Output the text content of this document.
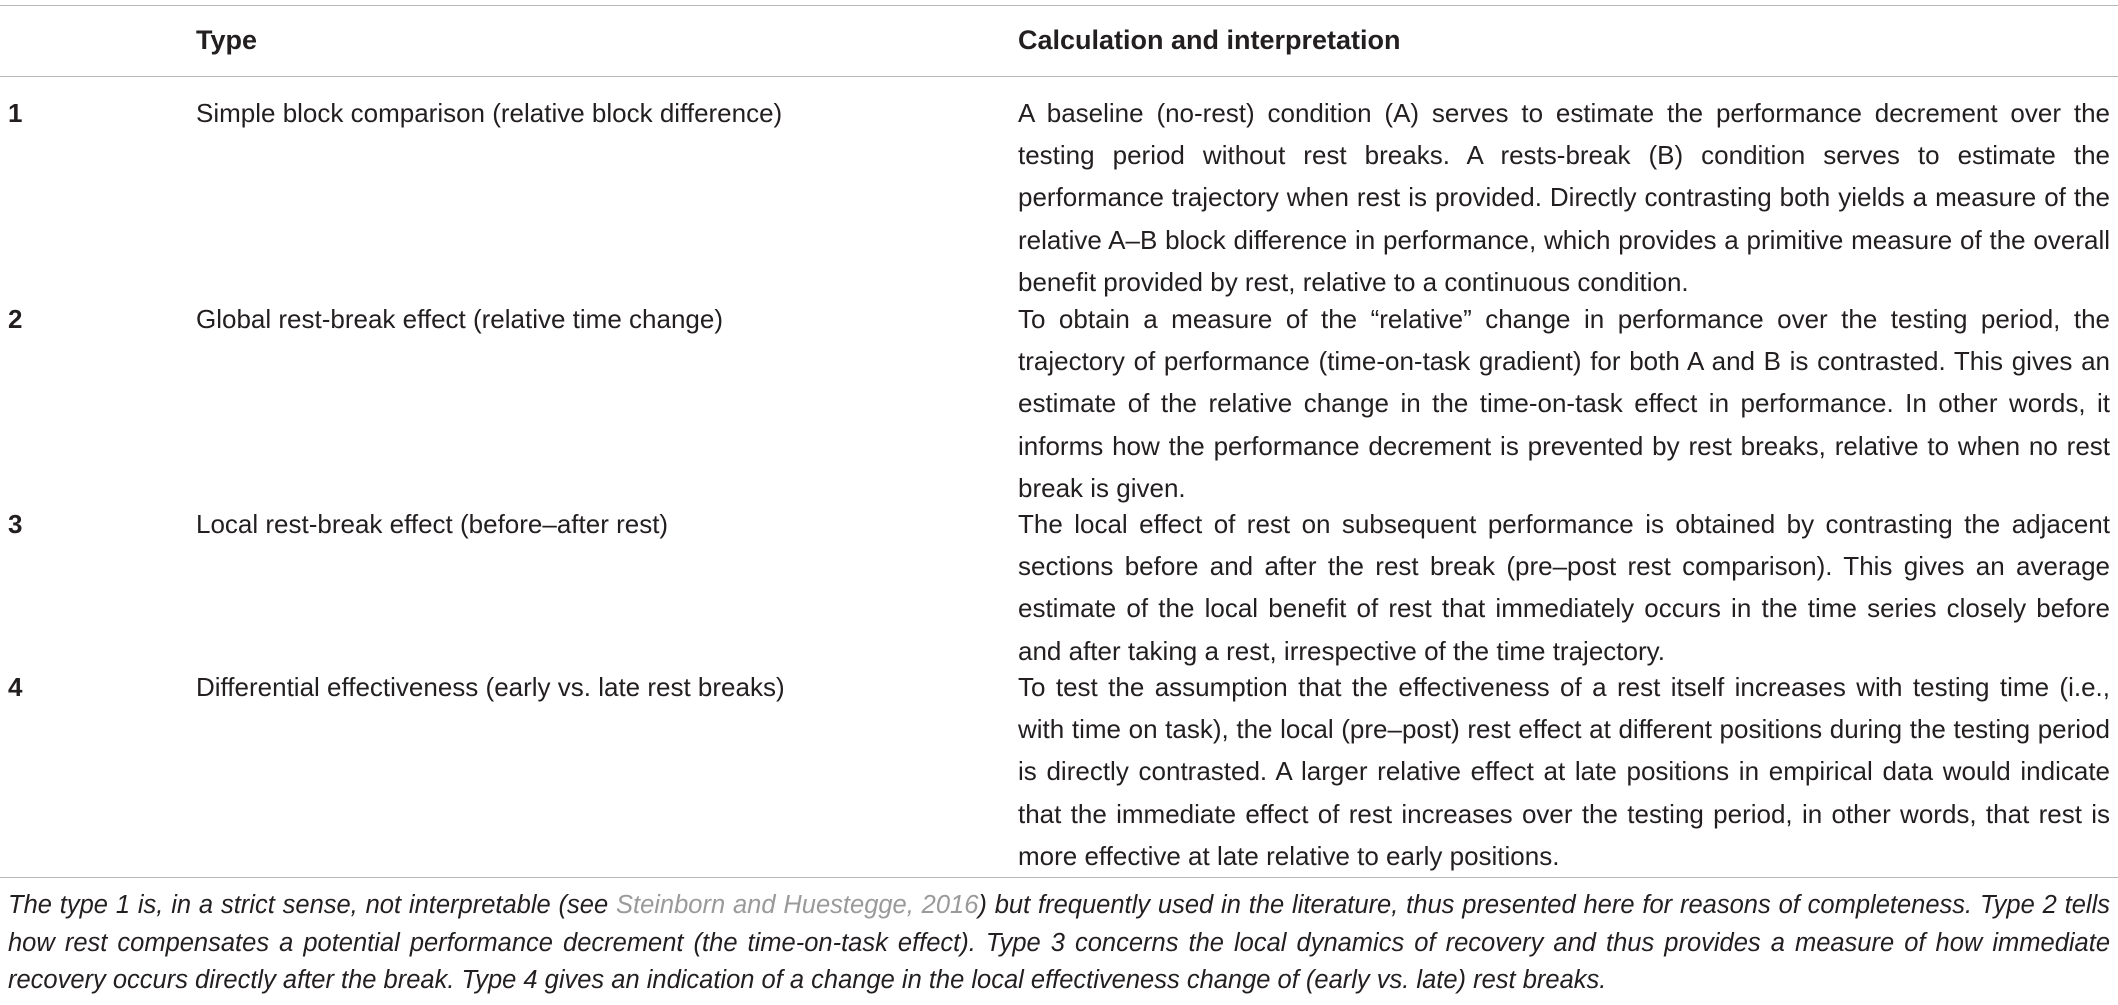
Type	Calculation and interpretation
1	Simple block comparison (relative block difference)	A baseline (no-rest) condition (A) serves to estimate the performance decrement over the testing period without rest breaks. A rests-break (B) condition serves to estimate the performance trajectory when rest is provided. Directly contrasting both yields a measure of the relative A–B block difference in performance, which provides a primitive measure of the overall benefit provided by rest, relative to a continuous condition.
2	Global rest-break effect (relative time change)	To obtain a measure of the “relative” change in performance over the testing period, the trajectory of performance (time-on-task gradient) for both A and B is contrasted. This gives an estimate of the relative change in the time-on-task effect in performance. In other words, it informs how the performance decrement is prevented by rest breaks, relative to when no rest break is given.
3	Local rest-break effect (before–after rest)	The local effect of rest on subsequent performance is obtained by contrasting the adjacent sections before and after the rest break (pre–post rest comparison). This gives an average estimate of the local benefit of rest that immediately occurs in the time series closely before and after taking a rest, irrespective of the time trajectory.
4	Differential effectiveness (early vs. late rest breaks)	To test the assumption that the effectiveness of a rest itself increases with testing time (i.e., with time on task), the local (pre–post) rest effect at different positions during the testing period is directly contrasted. A larger relative effect at late positions in empirical data would indicate that the immediate effect of rest increases over the testing period, in other words, that rest is more effective at late relative to early positions.
The type 1 is, in a strict sense, not interpretable (see Steinborn and Huestegge, 2016) but frequently used in the literature, thus presented here for reasons of completeness. Type 2 tells how rest compensates a potential performance decrement (the time-on-task effect). Type 3 concerns the local dynamics of recovery and thus provides a measure of how immediate recovery occurs directly after the break. Type 4 gives an indication of a change in the local effectiveness change of (early vs. late) rest breaks.
